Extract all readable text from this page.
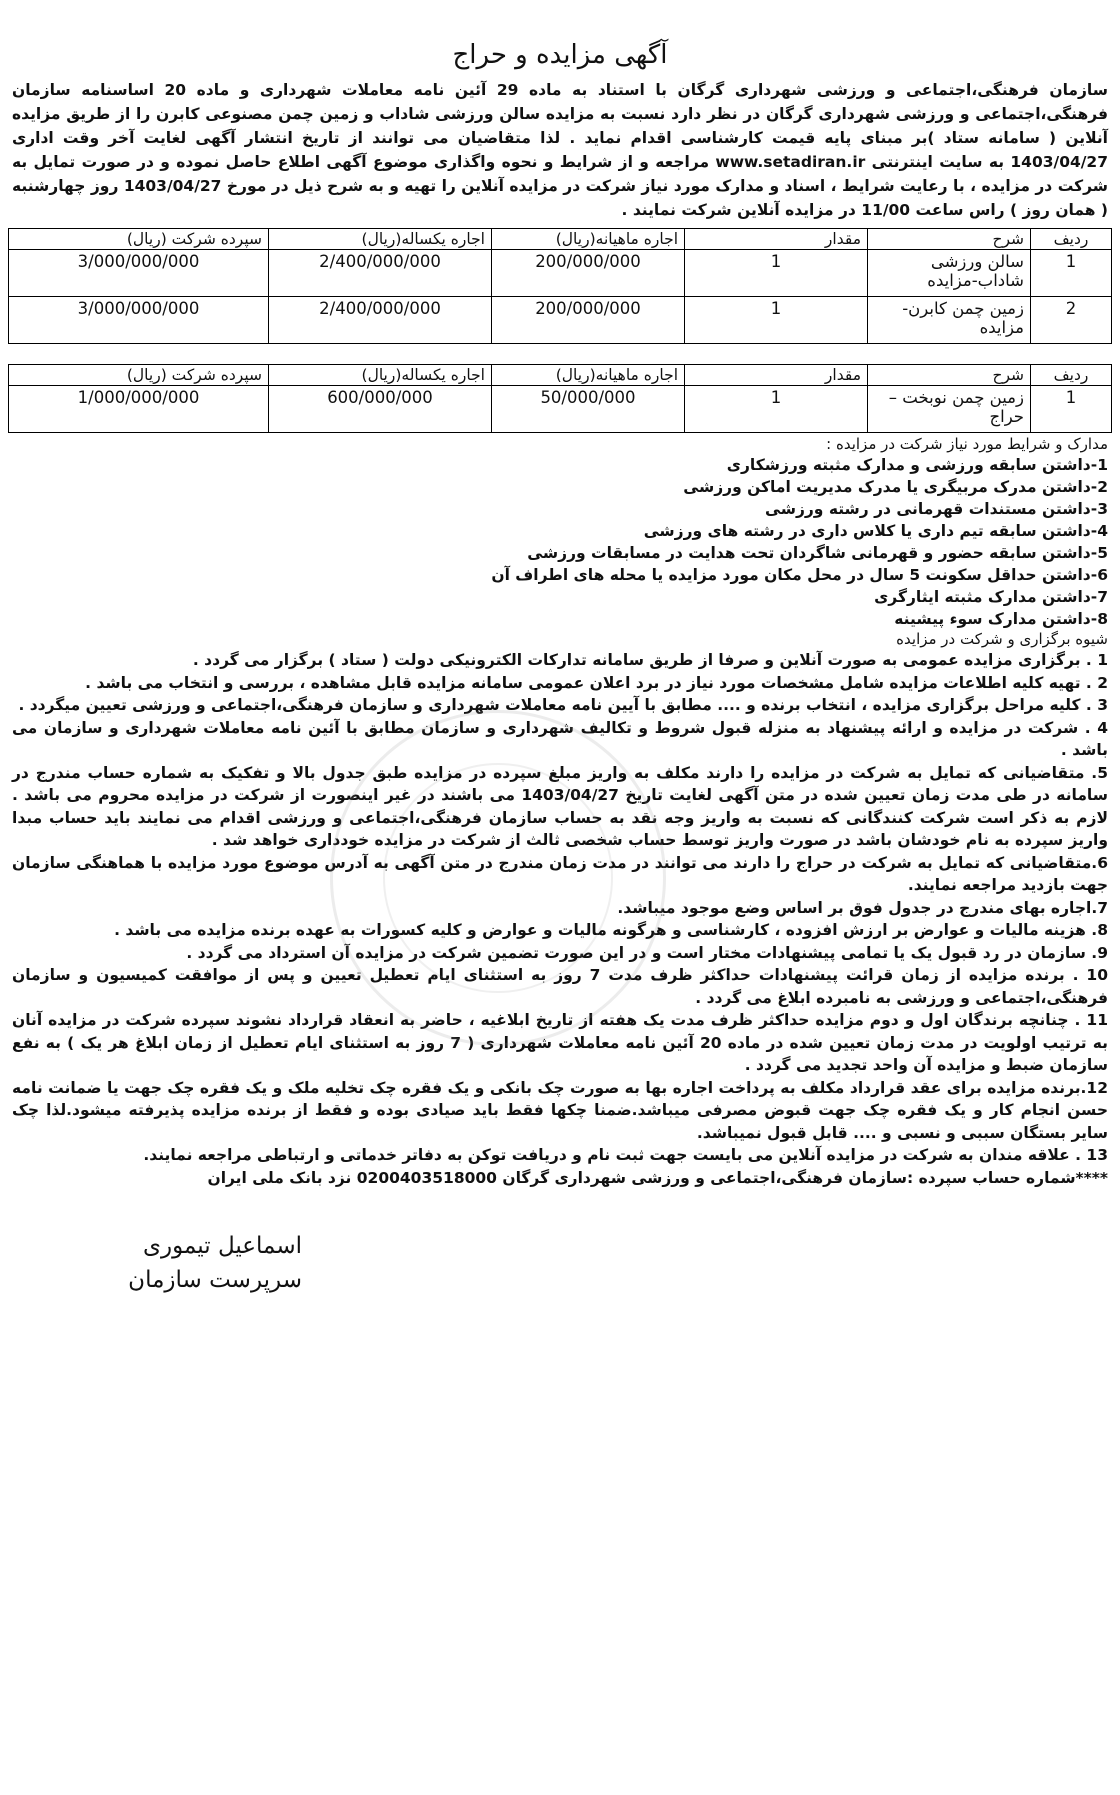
آگهی مزایده و حراج
سازمان فرهنگی،اجتماعی و ورزشی شهرداری گرگان با استناد به ماده 29 آئین نامه معاملات شهرداری و ماده 20 اساسنامه سازمان فرهنگی،اجتماعی و ورزشی شهرداری گرگان در نظر دارد نسبت به مزایده سالن ورزشی شاداب و زمین چمن مصنوعی کابرن را از طریق مزایده آنلاین ( سامانه ستاد )بر مبنای پایه قیمت کارشناسی اقدام نماید . لذا متقاضیان می توانند از تاریخ انتشار آگهی لغایت آخر وقت اداری 1403/04/27 به سایت اینترنتی www.setadiran.ir مراجعه و از شرایط و نحوه واگذاری موضوع آگهی اطلاع حاصل نموده و در صورت تمایل به شرکت در مزایده ، با رعایت شرایط ، اسناد و مدارک مورد نیاز شرکت در مزایده آنلاین را تهیه و به شرح ذیل در مورخ 1403/04/27 روز چهارشنبه ( همان روز ) راس ساعت 11/00 در مزایده آنلاین شرکت نمایند .
ردیف	شرح	مقدار	اجاره ماهیانه(ریال)	اجاره یکساله(ریال)	سپرده شرکت (ریال)
1	سالن ورزشی شاداب-مزایده	1	200/000/000	2/400/000/000	3/000/000/000
2	زمین چمن کابرن-مزایده	1	200/000/000	2/400/000/000	3/000/000/000
ردیف	شرح	مقدار	اجاره ماهیانه(ریال)	اجاره یکساله(ریال)	سپرده شرکت (ریال)
1	زمین چمن نوبخت – حراج	1	50/000/000	600/000/000	1/000/000/000
مدارک و شرایط مورد نیاز شرکت در مزایده :
1-داشتن سابقه ورزشی و مدارک مثبته ورزشکاری
2-داشتن مدرک مربیگری یا مدرک مدیریت اماکن ورزشی
3-داشتن مستندات قهرمانی در رشته ورزشی
4-داشتن سابقه تیم داری یا کلاس داری در رشته های ورزشی
5-داشتن سابقه حضور و قهرمانی شاگردان تحت هدایت در مسابقات ورزشی
6-داشتن حداقل سکونت 5 سال در محل مکان مورد مزایده یا محله های اطراف آن
7-داشتن مدارک مثبته ایثارگری
8-داشتن مدارک سوء پیشینه
شیوه برگزاری و شرکت در مزایده
1 . برگزاری مزایده عمومی به صورت آنلاین و صرفا از طریق سامانه تدارکات الکترونیکی دولت ( ستاد ) برگزار می گردد .
2 . تهیه کلیه اطلاعات مزایده شامل مشخصات مورد نیاز در برد اعلان عمومی سامانه مزایده قابل مشاهده ، بررسی و انتخاب می باشد .
3 . کلیه مراحل برگزاری مزایده ، انتخاب برنده و .... مطابق با آیین نامه معاملات شهرداری و سازمان فرهنگی،اجتماعی و ورزشی تعیین میگردد .
4 . شرکت در مزایده و ارائه پیشنهاد به منزله قبول شروط و تکالیف شهرداری و سازمان مطابق با آئین نامه معاملات شهرداری و سازمان می باشد .
5. متقاضیانی که تمایل به شرکت در مزایده را دارند مکلف به واریز مبلغ سپرده در مزایده طبق جدول بالا و تفکیک به شماره حساب مندرج در سامانه در طی مدت زمان تعیین شده در متن آگهی لغایت تاریخ 1403/04/27 می باشند در غیر اینصورت از شرکت در مزایده محروم می باشد . لازم به ذکر است شرکت کنندگانی که نسبت به واریز وجه نقد به حساب سازمان فرهنگی،اجتماعی و ورزشی اقدام می نمایند باید حساب مبدا واریز سپرده به نام خودشان باشد در صورت واریز توسط حساب شخصی ثالث از شرکت در مزایده خودداری خواهد شد .
6.متقاضیانی که تمایل به شرکت در حراج را دارند می توانند در مدت زمان مندرج در متن آگهی به آدرس موضوع مورد مزایده با هماهنگی سازمان جهت بازدید مراجعه نمایند.
7.اجاره بهای مندرج در جدول فوق بر اساس وضع موجود میباشد.
8. هزینه مالیات و عوارض بر ارزش افزوده ، کارشناسی و هرگونه مالیات و عوارض و کلیه کسورات به عهده برنده مزایده می باشد .
9. سازمان در رد قبول یک یا تمامی پیشنهادات مختار است و در این صورت تضمین شرکت در مزایده آن استرداد می گردد .
10 . برنده مزایده از زمان قرائت پیشنهادات حداکثر ظرف مدت 7 روز به استثنای ایام تعطیل تعیین و پس از موافقت کمیسیون و سازمان فرهنگی،اجتماعی و ورزشی به نامبرده ابلاغ می گردد .
11 . چنانچه برندگان اول و دوم مزایده حداکثر ظرف مدت یک هفته از تاریخ ابلاغیه ، حاضر به انعقاد قرارداد نشوند سپرده شرکت در مزایده آنان به ترتیب اولویت در مدت زمان تعیین شده در ماده 20 آئین نامه معاملات شهرداری ( 7 روز به استثنای ایام تعطیل از زمان ابلاغ هر یک ) به نفع سازمان ضبط و مزایده آن واحد تجدید می گردد .
12.برنده مزایده برای عقد قرارداد مکلف به پرداخت اجاره بها به صورت چک بانکی و یک فقره چک تخلیه ملک و یک فقره چک جهت یا ضمانت نامه حسن انجام کار و یک فقره چک جهت قبوض مصرفی میباشد.ضمنا چکها فقط باید صیادی بوده و فقط از برنده مزایده پذیرفته میشود.لذا چک سایر بستگان سببی و نسبی و .... قابل قبول نمیباشد.
13 . علاقه مندان به شرکت در مزایده آنلاین می بایست جهت ثبت نام و دریافت توکن به دفاتر خدماتی و ارتباطی مراجعه نمایند.
****شماره حساب سپرده :سازمان فرهنگی،اجتماعی و ورزشی شهرداری گرگان 0200403518000 نزد بانک ملی ایران
اسماعیل تیموری
سرپرست سازمان
